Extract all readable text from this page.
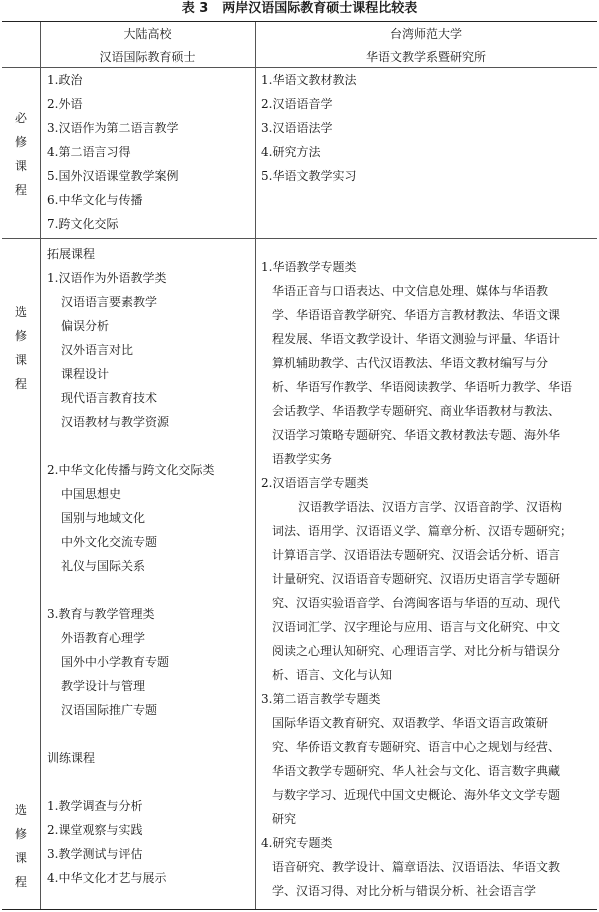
表 3 两岸汉语国际教育硕士课程比较表
大陆高校
汉语国际教育硕士
台湾师范大学
华语文教学系暨研究所
必
修
课
程
1.政治
2.外语
3.汉语作为第二语言教学
4.第二语言习得
5.国外汉语课堂教学案例
6.中华文化与传播
7.跨文化交际
1.华语文教材教法
2.汉语语音学
3.汉语语法学
4.研究方法
5.华语文教学实习
选
修
课
程
选
修
课
程
拓展课程
1.汉语作为外语教学类
汉语语言要素教学
偏误分析
汉外语言对比
课程设计
现代语言教育技术
汉语教材与教学资源
2.中华文化传播与跨文化交际类
中国思想史
国别与地域文化
中外文化交流专题
礼仪与国际关系
3.教育与教学管理类
外语教育心理学
国外中小学教育专题
教学设计与管理
汉语国际推广专题
训练课程
1.教学调查与分析
2.课堂观察与实践
3.教学测试与评估
4.中华文化才艺与展示
1.华语教学专题类
华语正音与口语表达、中文信息处理、媒体与华语教
学、华语语音教学研究、华语方言教材教法、华语文课
程发展、华语文教学设计、华语文测验与评量、华语计
算机辅助教学、古代汉语教法、华语文教材编写与分
析、华语写作教学、华语阅读教学、华语听力教学、华语
会话教学、华语教学专题研究、商业华语教材与教法、
汉语学习策略专题研究、华语文教材教法专题、海外华
语教学实务
2.汉语语言学专题类
汉语教学语法、汉语方言学、汉语音韵学、汉语构
词法、语用学、汉语语义学、篇章分析、汉语专题研究；
计算语言学、汉语语法专题研究、汉语会话分析、语言
计量研究、汉语语音专题研究、汉语历史语言学专题研
究、汉语实验语音学、台湾闽客语与华语的互动、现代
汉语词汇学、汉字理论与应用、语言与文化研究、中文
阅读之心理认知研究、心理语言学、对比分析与错误分
析、语言、文化与认知
3.第二语言教学专题类
国际华语文教育研究、双语教学、华语文语言政策研
究、华侨语文教育专题研究、语言中心之规划与经营、
华语文教学专题研究、华人社会与文化、语言数字典藏
与数字学习、近现代中国文史概论、海外华文文学专题
研究
4.研究专题类
语音研究、教学设计、篇章语法、汉语语法、华语文教
学、汉语习得、对比分析与错误分析、社会语言学
